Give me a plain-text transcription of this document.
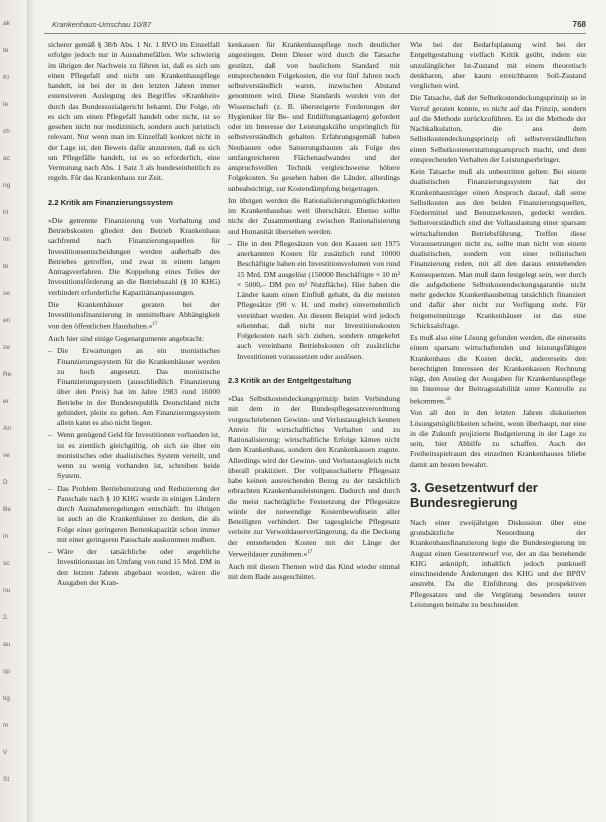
ak
te
Kr
le
ch
ac
ng
hl
mi
te
se
en
ze
Re
er
An
ve
D
Be
in
sc
nu
2.
au
sp
tig
m
V
St
Krankenhaus-Umschau 10/87	768

sicherer gemäß § 38/b Abs. 1 Nr. 1 RVO im Einzelfall erfolgte jedoch nur in Ausnahmefällen. Wie schwierig im übrigen der Nachweis zu führen ist, daß es sich um einen Pflegefall und nicht um Krankenhauspflege handelt, ist bei der in den letzten Jahren immer extensiveren Auslegung des Begriffes »Krankheit« durch das Bundessozialgericht bekannt. Die Folge, ob es sich um einen Pflegefall handelt oder nicht, ist so gesehen nicht nur medizinisch, sondern auch juristisch relevant. Nur wenn man im Einzelfall konkret nicht in der Lage ist, den Beweis dafür anzutreten, daß es sich um Pflegefälle handelt, ist es so erforderlich, eine Vermutung nach Abs. 1 Satz 3 als bundeseinheitlich zu regeln. Für das Krankenhaus zur Zeit.

2.2 Kritik am Finanzierungssystem

»Die getrennte Finanzierung von Vorhaltung und Betriebskosten gliedert den Betrieb Krankenhaus sachfremd nach Finanzierungsquellen für Investitionsentscheidungen werden außerhalb des Betriebes getroffen, und zwar in einem langen Antragsverfahren. Die Koppelung eines Teiles der Investitionsförderung an die Betriebszahl (§ 10 KHG) verhindert erforderliche Kapazitätsanpassungen.

Die Krankenhäuser geraten bei der Investitionsfinanzierung in unmittelbare Abhängigkeit von den öffentlichen Haushalten.«$^{17}$

Auch hier sind einige Gegenargumente angebracht:

– Die Erwartungen an ein monistisches Finanzierungssystem für die Krankenhäuser werden zu hoch angesetzt. Das monistische Finanzierungssystem (ausschließlich Finanzierung über den Preis) hat im Jahre 1983 rund 16000 Betriebe in der Bundesrepublik Deutschland nicht gehindert, pleite zu gehen. Am Finanzierungssystem allein kann es also nicht liegen.
– Wenn genügend Geld für Investitionen vorhanden ist, ist es ziemlich gleichgültig, ob sich sie über ein monistisches oder dualistisches System verteilt, und wenn zu wenig vorhanden ist, schreiben beide System.
– Das Problem Betriebsnutzung und Reduzierung der Pauschale nach § 10 KHG wurde in einigen Ländern durch Ausnahmeregelungen entschärft. Im übrigen ist auch an die Krankenhäuser zu denken, die als Folge einer geringeren Bettenkapazität schon immer mit einer geringeren Pauschale auskommen mußten.
– Wäre der tatsächliche oder angebliche Investitionsstau im Umfang von rund 15 Mrd. DM in den letzten Jahren abgebaut worden, wären die Ausgaben der Kran-

kenkassen für Krankenhauspflege noch deutlicher angestiegen. Denn Dieser wird durch die Tatsache gestützt, daß von baulichem Standard mit entsprechenden Folgekosten, die vor fünf Jahren noch selbstverständlich waren, inzwischen Abstand genommen wird. Diese Standards wurden von der Wissenschaft (z. B. übersteigerte Forderungen der Hygieniker für Be- und Entlüftungsanlagen) gefordert oder im Interesse der Leistungskräfte ursprünglich für selbstverständlich gehalten. Erfahrungsgemäß haben Neubauten oder Sanierungsbauten als Folge des umfangreicheren Flächenaufwandes und der anspruchsvollen Technik vergleichsweise höhere Folgekosten. So gesehen haben die Länder, allerdings unbeabsichtigt, zur Kostendämpfung beigetragen.

Im übrigen werden die Rationalisierungsmöglichkeiten im Krankenhausbau weit überschätzt. Ebenso sollte nicht der Zusammenhang zwischen Rationalisierung und Humanität übersehen werden.

– Die in den Pflegesätzen von den Kassen seit 1975 anerkannten Kosten für zusätzlich rund 10000 Beschäftigte haben ein Investitionsvolumen von rund 15 Mrd. DM ausgelöst (150000 Beschäftigte × 10 m² × 5000,– DM pro m² Nutzfläche). Hier haben die Länder kaum einen Einfluß gehabt, da die meisten Pflegesätze (90 v. H. und mehr) einvernehmlich vereinbart wurden. An diesem Beispiel wird jedoch erkennbar, daß nicht nur Investitionskosten Folgekosten nach sich ziehen, sondern umgekehrt auch vereinbarte Betriebskosten oft zusätzliche Investitionen voraussetzen oder auslösen.
2.3 Kritik an der Entgeltgestaltung

»Das Selbstkostendeckungsprinzip beim Verbindung mit dem in der Bundespflegesatzverordnung vorgeschriebenen Gewinn- und Verlustausgleich kennen Anreiz für wirtschaftliches Verhalten und zu Rationalisierung; wirtschaftliche Erfolge kämen nicht dem Krankenhaus, sondern den Krankenkassen zugute. Allerdings wird der Gewinn- und Verlustausgleich nicht überall praktiziert. Der vollpauschalierte Pflegesatz habe keinen ausreichenden Bezug zu der tatsächlich erbrachten Krankenhausleistungen. Dadurch und durch die meist nachträgliche Festsetzung der Pflegesätze würde der notwendige Kostenbewußtsein aller Beteiligten verhindert. Der tagesgleiche Pflegesatz verleite zur Verweildauerverlängerung, da die Deckung der entstehenden Kosten mit der Länge der Verweildauer zunähmen.«$^{17}$

Auch mit diesen Themen wird das Kind wieder einmal mit dem Bade ausgeschüttet.

Wie bei der Bedarfsplanung wird bei der Entgeltgestaltung vielfach Kritik geübt, indem ein unzulänglicher Ist-Zustand mit einem theoretisch denkbaren, aber kaum erreichbaren Soll-Zustand verglichen wird.

Die Tatsache, daß der Selbstkostendeckungsprinzip so in Verruf geraten konnte, es nicht auf das Prinzip, sondern auf die Methode zurückzuführen. Es ist die Methode der Nachkalkulation, die aus dem Selbstkostendeckungsprinzip oft selbstverständlichen einen Selbstkostenerstattungsanspruch macht, und dem entsprechenden Verhalten der Leistungserbringer.

Kein Tatsache muß als unbestritten gelten: Bei einem dualistischen Finanzierungssystem hat der Krankenhausträger einen Anspruch darauf, daß seine Selbstkosten aus den beiden Finanzierungsquellen, Fördermittel und Benutzerkosten, gedeckt werden. Selbstverständlich sind der Vollauslastung einer sparsam wirtschaftenden Betriebsführung. Treffen diese Voraussetzungen nicht zu, sollte man nicht von einem dualistischen, sondern von einer teilistischen Finanzierung reden, mit all den daraus entstehenden Konsequenzen. Man muß dann festgelegt sein, wer durch die aufgehobene Selbstkostendeckungsgarantie nicht mehr gedeckte Krankenhausbetrag tatsächlich finanziert und dafür aber nicht zur Verfügung steht. Für freigemeinnützige Krankenhäuser ist das eine Schicksalsfrage.

Es muß also eine Lösung gefunden werden, die einerseits einem sparsam wirtschaftenden und leistungsfähigen Krankenhaus die Kosten deckt, andererseits den berechtigten Interessen der Krankenkassen Rechnung trägt, den Anstieg der Ausgaben für Krankenhauspflege im Interesse der Beitragsstabilität unter Kontrolle zu bekommen.$^{18}$

Von all den in den letzten Jahren diskutierten Lösungsmöglichkeiten scheint, wenn überhaupt, nur eine in die Zukunft projizierte Budgetierung in der Lage zu sein, hier Abhilfe zu schaffen. Auch der Freiheitsspielraum des einzelnen Krankenhauses bliebe damit am besten bewahrt.

3. Gesetzentwurf der Bundesregierung

Nach einer zweijährigen Diskussion über eine grundsätzliche Neuordnung der Krankenhausfinanzierung legte die Bundesregierung im August einen Gesetzentwurf vor, der an das bestehende KHG anknüpft, inhaltlich jedoch punktuell einschneidende Änderungen des KHG und der BPflV anstrebt. Da die Einführung des prospektiven Pflegesatzes und die Vergütung besonders teurer Leistungen beinahe zu beschneiden
